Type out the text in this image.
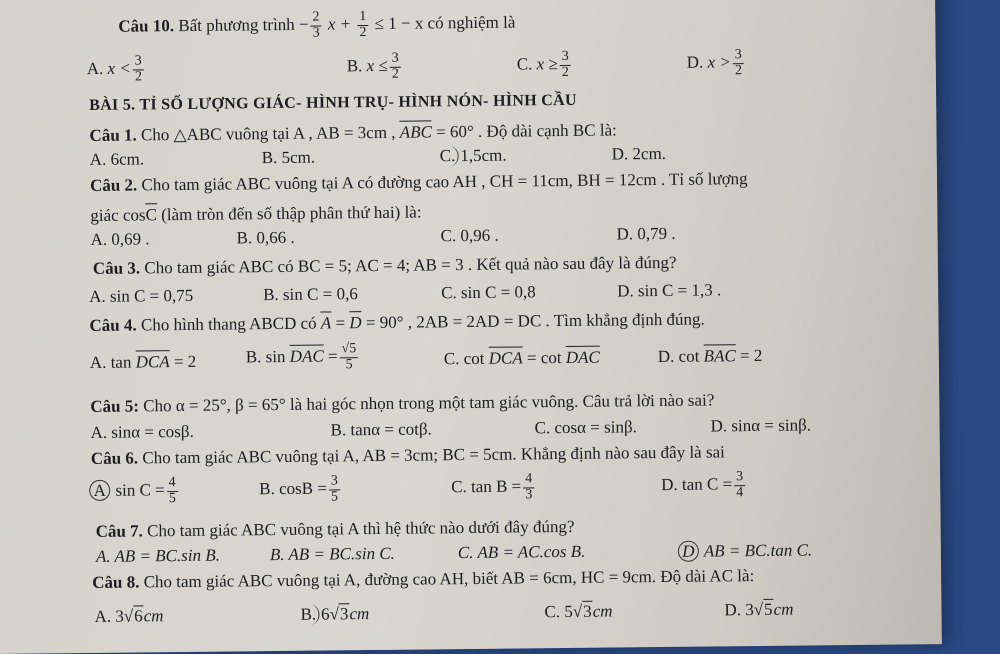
Câu 10. Bất phương trình − $\frac{2}{3}$ $x + \frac{1}{2} \le 1 - x$ có nghiệm là
A. $x < \frac{3}{2}$	B. $x \le \frac{3}{2}$	C. $x \ge \frac{3}{2}$	D. $x > \frac{3}{2}$
BÀI 5. TỈ SỐ LƯỢNG GIÁC- HÌNH TRỤ- HÌNH NÓN- HÌNH CẦU
Câu 1. Cho △ABC vuông tại A , AB = 3cm , ABC = 60° . Độ dài cạnh BC là:
A. 6cm.	B. 5cm.	C. 1,5cm.	D. 2cm.
Câu 2. Cho tam giác ABC vuông tại A có đường cao AH , CH = 11cm, BH = 12cm . Tỉ số lượng
giác cosC (làm tròn đến số thập phân thứ hai) là:
A. 0,69 .	B. 0,66 .	C. 0,96 .	D. 0,79 .
Câu 3. Cho tam giác ABC có BC = 5; AC = 4; AB = 3 . Kết quả nào sau đây là đúng?
A. sin C = 0,75	B. sin C = 0,6	C. sin C = 0,8	D. sin C = 1,3 .
Câu 4. Cho hình thang ABCD có A = D = 90° , 2AB = 2AD = DC . Tìm khẳng định đúng.
A. tan DCA = 2	B. sin DAC = $\frac{√5}{5}$	C. cot DCA = cot DAC	D. cot BAC = 2
Câu 5: Cho α = 25°, β = 65° là hai góc nhọn trong một tam giác vuông. Câu trả lời nào sai?
A. sinα = cosβ.	B. tanα = cotβ.	C. cosα = sinβ.	D. sinα = sinβ.
Câu 6. Cho tam giác ABC vuông tại A, AB = 3cm; BC = 5cm. Khẳng định nào sau đây là sai
A $\sin C = \frac{4}{5}$	B. $\cos B = \frac{3}{5}$	C. $\tan B = \frac{4}{3}$	D. $\tan C = \frac{3}{4}$
Câu 7. Cho tam giác ABC vuông tại A thì hệ thức nào dưới đây đúng?
A. AB = BC.sin B.	B. AB = BC.sin C.	C. AB = AC.cos B.	D AB = BC.tan C.
Câu 8. Cho tam giác ABC vuông tại A, đường cao AH, biết AB = 6cm, HC = 9cm. Độ dài AC là:
A. 3√6cm	B. 6√3cm	C. 5√3cm	D. 3√5cm
